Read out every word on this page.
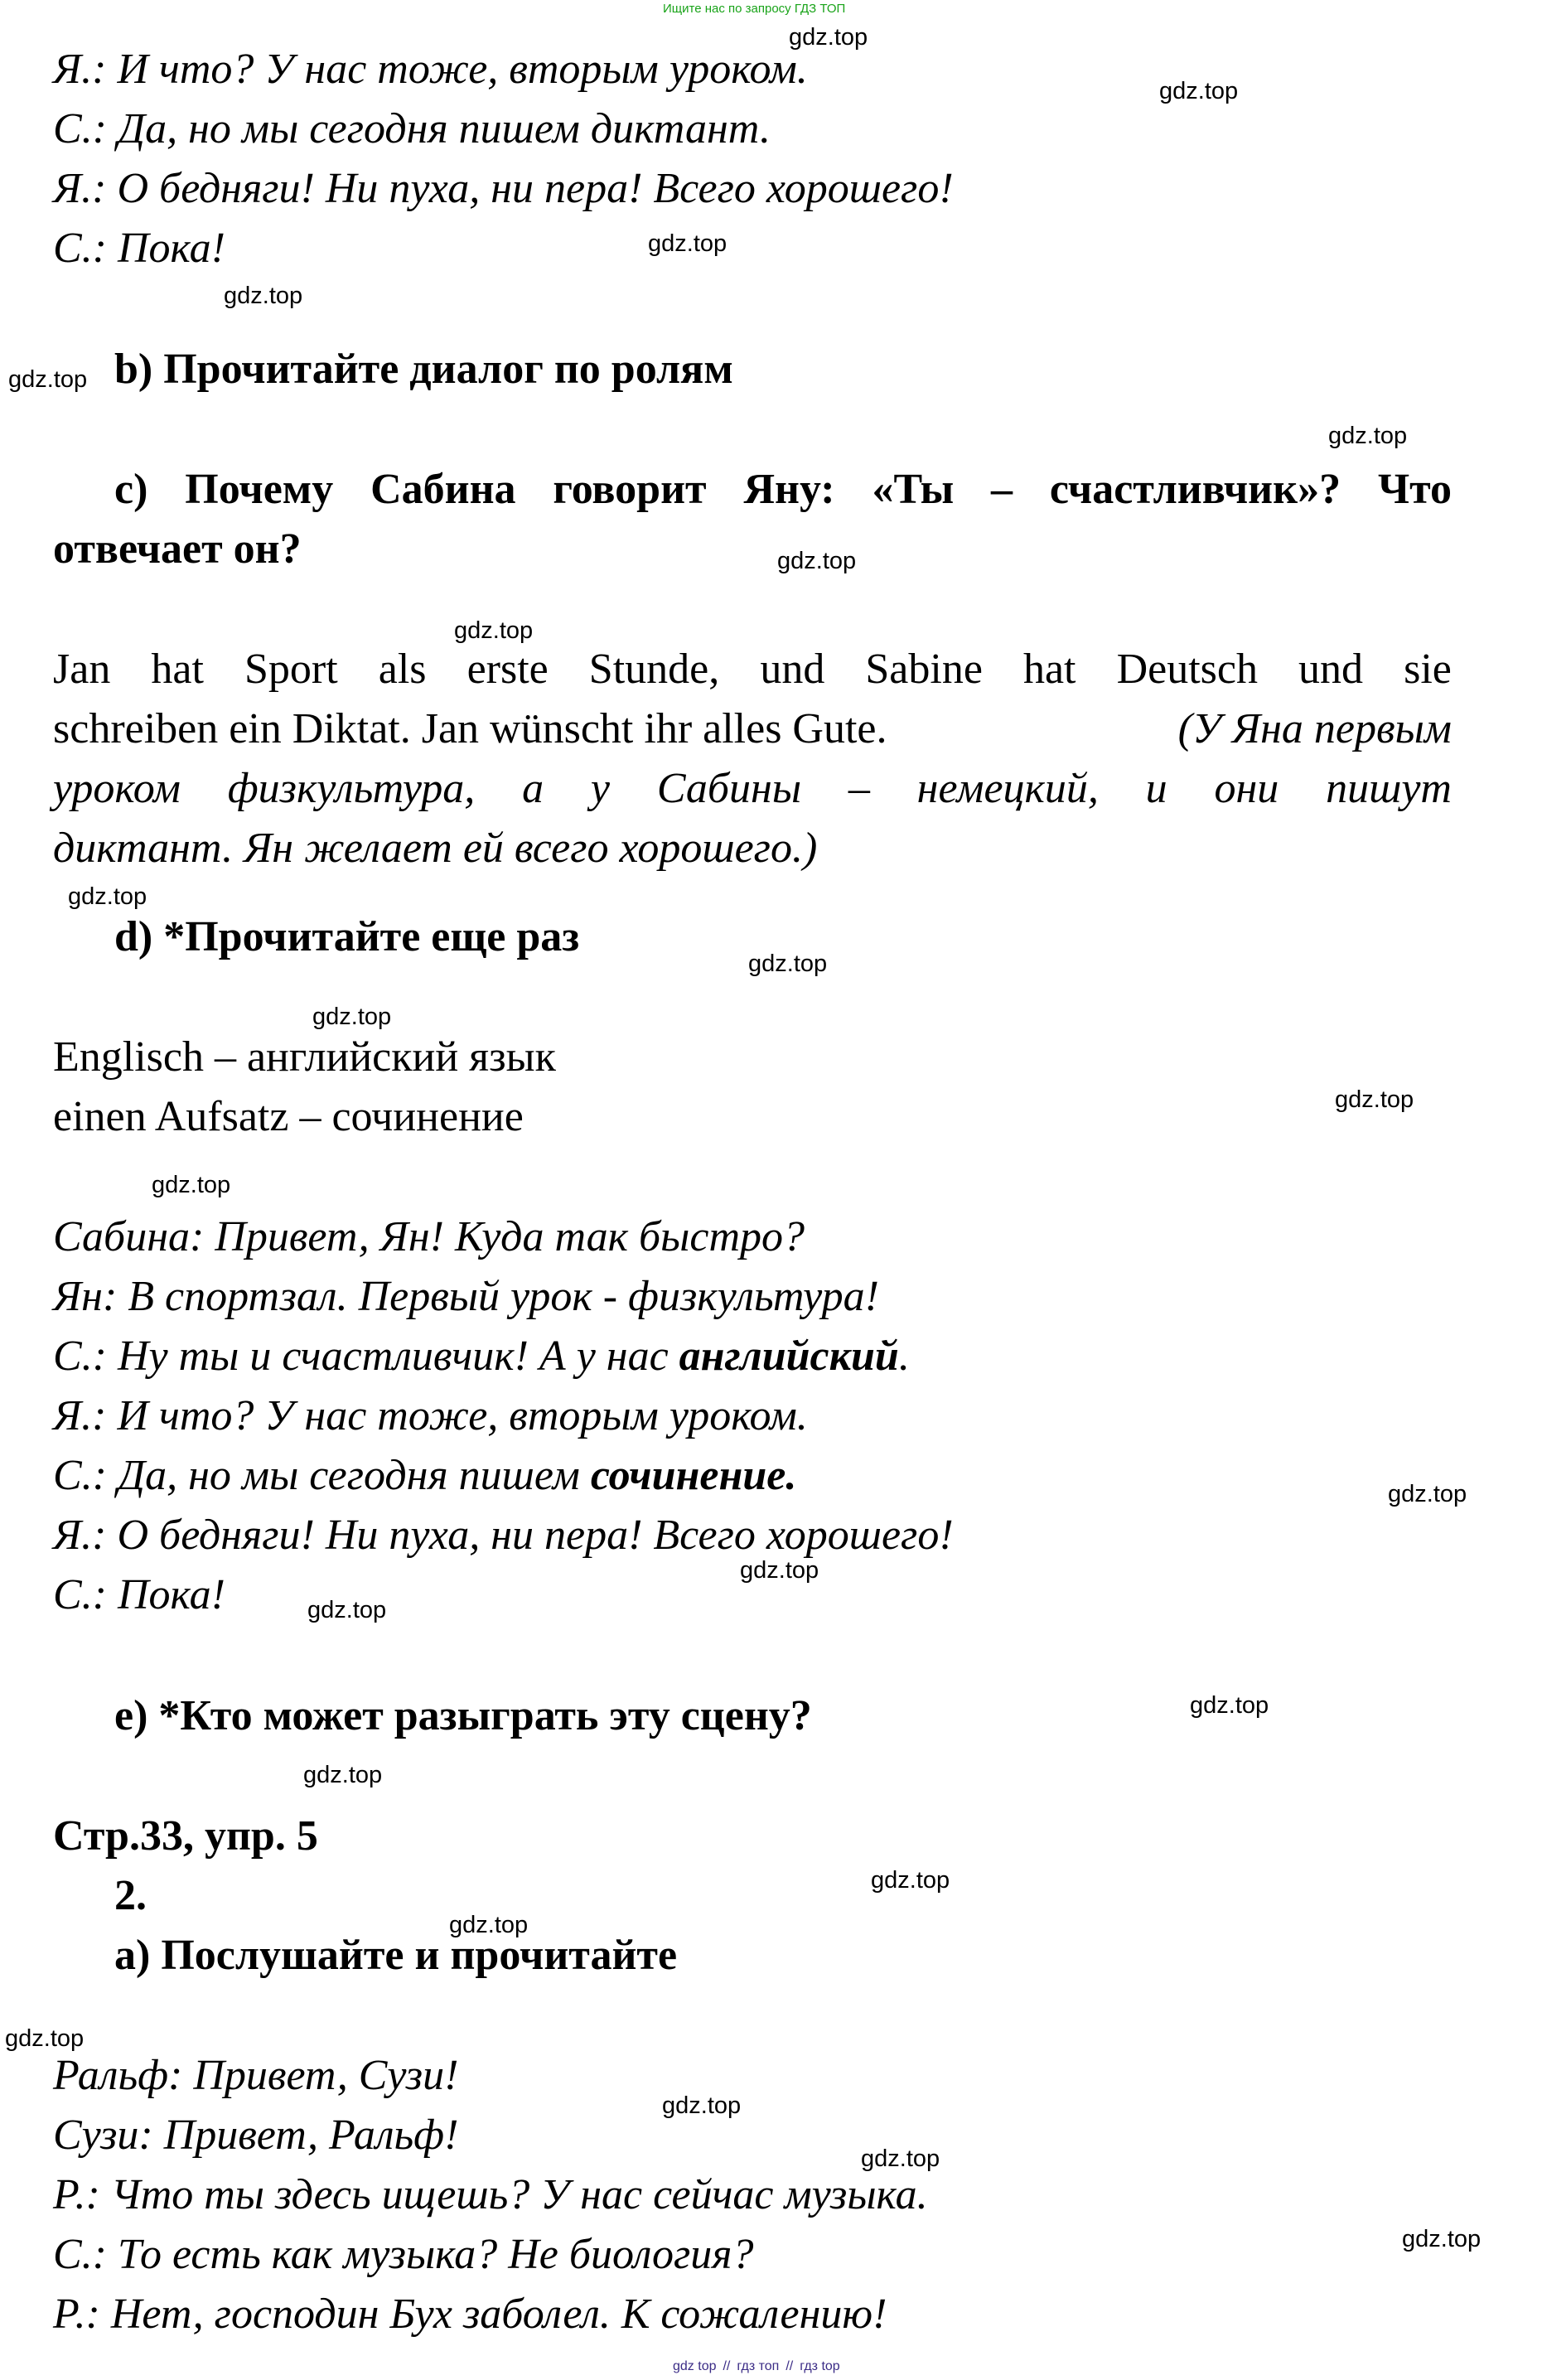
Ищите нас по запросу ГДЗ ТОП
Я.: И что? У нас тоже, вторым уроком.
С.: Да, но мы сегодня пишем диктант.
Я.: О бедняги! Ни пуха, ни пера! Всего хорошего!
С.: Пока!
b) Прочитайте диалог по ролям
c) Почему Сабина говорит Яну: «Ты – счастливчик»? Что
отвечает он?
Jan hat Sport als erste Stunde, und Sabine hat Deutsch und sie
schreiben ein Diktat. Jan wünscht ihr alles Gute.	(У Яна первым
уроком физкультура, а у Сабины – немецкий, и они пишут
диктант. Ян желает ей всего хорошего.)
d) *Прочитайте еще раз
Englisch – английский язык
einen Aufsatz – сочинение
Сабина: Привет, Ян! Куда так быстро?
Ян: В спортзал. Первый урок - физкультура!
С.: Ну ты и счастливчик! А у нас английский.
Я.: И что? У нас тоже, вторым уроком.
С.: Да, но мы сегодня пишем сочинение.
Я.: О бедняги! Ни пуха, ни пера! Всего хорошего!
С.: Пока!
e) *Кто может разыграть эту сцену?
Стр.33, упр. 5
2.
a) Послушайте и прочитайте
Ральф: Привет, Сузи!
Сузи: Привет, Ральф!
Р.: Что ты здесь ищешь? У нас сейчас музыка.
С.: То есть как музыка? Не биология?
Р.: Нет, господин Бух заболел. К сожалению!
gdz.top
gdz.top
gdz.top
gdz.top
gdz.top
gdz.top
gdz.top
gdz.top
gdz.top
gdz.top
gdz.top
gdz.top
gdz.top
gdz.top
gdz.top
gdz.top
gdz.top
gdz.top
gdz.top
gdz.top
gdz.top
gdz.top
gdz.top
gdz.top
gdz top // гдз топ // гдз top
